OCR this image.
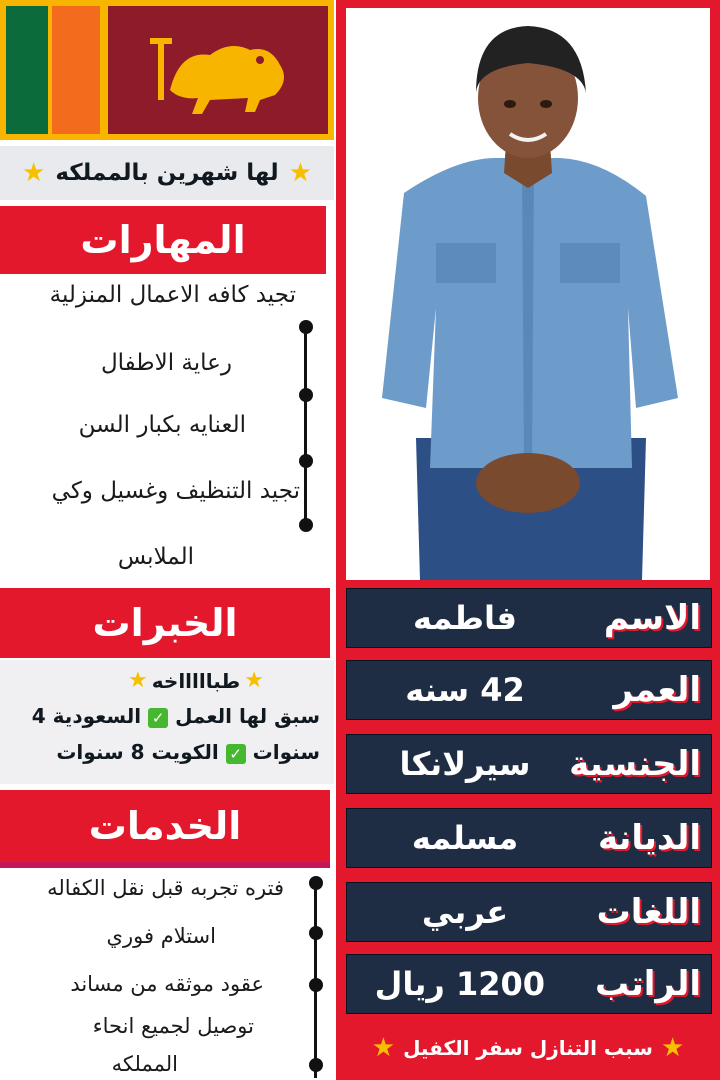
★
لها شهرين بالمملكه
★
المهارات
تجيد كافه الاعمال المنزلية
رعاية الاطفال
العنايه بكبار السن
تجيد التنظيف وغسيل وكي
الملابس
الخبرات
★
طباااااخه
★
سبق لها العمل ✓ السعودية 4
سنوات ✓ الكويت 8 سنوات
الخدمات
فتره تجربه قبل نقل الكفاله
استلام فوري
عقود موثقه من مساند
توصيل لجميع انحاء
المملكه
الاسم
فاطمه
العمر
42 سنه
الجنسية
سيرلانكا
الديانة
مسلمه
اللغات
عربي
الراتب
1200 ريال
★
سبب التنازل سفر الكفيل
★
